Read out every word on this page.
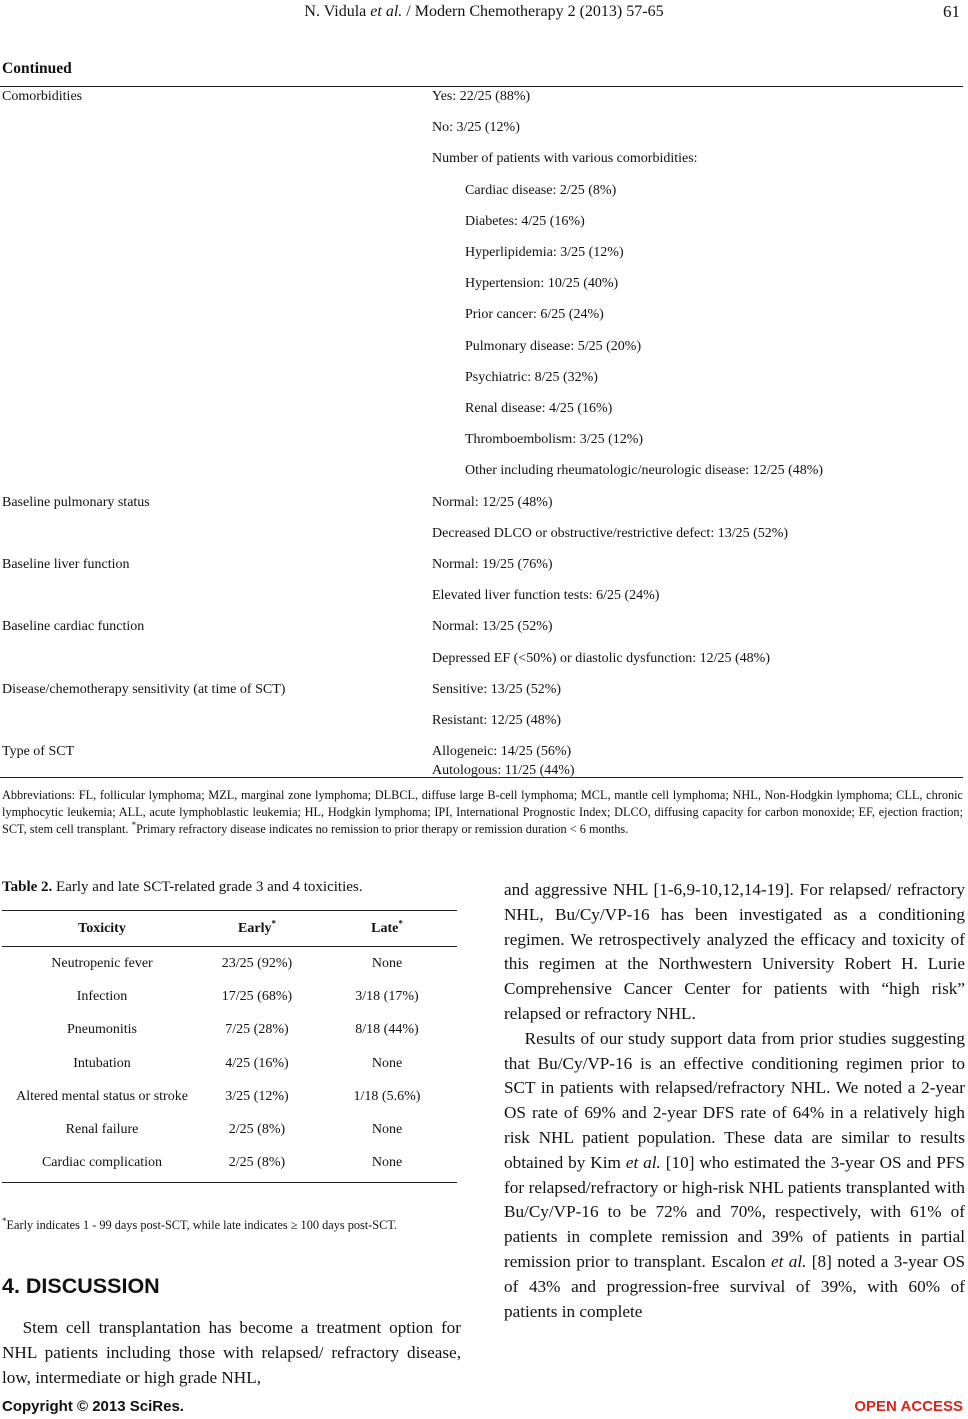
N. Vidula et al. / Modern Chemotherapy 2 (2013) 57-65	61
Continued
Comorbidities	Yes: 22/25 (88%)
No: 3/25 (12%)
Number of patients with various comorbidities:
Cardiac disease: 2/25 (8%)
Diabetes: 4/25 (16%)
Hyperlipidemia: 3/25 (12%)
Hypertension: 10/25 (40%)
Prior cancer: 6/25 (24%)
Pulmonary disease: 5/25 (20%)
Psychiatric: 8/25 (32%)
Renal disease: 4/25 (16%)
Thromboembolism: 3/25 (12%)
Other including rheumatologic/neurologic disease: 12/25 (48%)
Baseline pulmonary status	Normal: 12/25 (48%)
Decreased DLCO or obstructive/restrictive defect: 13/25 (52%)
Baseline liver function	Normal: 19/25 (76%)
Elevated liver function tests: 6/25 (24%)
Baseline cardiac function	Normal: 13/25 (52%)
Depressed EF (<50%) or diastolic dysfunction: 12/25 (48%)
Disease/chemotherapy sensitivity (at time of SCT)	Sensitive: 13/25 (52%)
Resistant: 12/25 (48%)
Type of SCT	Allogeneic: 14/25 (56%)
Autologous: 11/25 (44%)
Abbreviations: FL, follicular lymphoma; MZL, marginal zone lymphoma; DLBCL, diffuse large B-cell lymphoma; MCL, mantle cell lymphoma; NHL, Non-Hodgkin lymphoma; CLL, chronic lymphocytic leukemia; ALL, acute lymphoblastic leukemia; HL, Hodgkin lymphoma; IPI, International Prognostic Index; DLCO, diffusing capacity for carbon monoxide; EF, ejection fraction; SCT, stem cell transplant. *Primary refractory disease indicates no remission to prior therapy or remission duration < 6 months.
Table 2. Early and late SCT-related grade 3 and 4 toxicities.
Toxicity	Early*	Late*
Neutropenic fever	23/25 (92%)	None
Infection	17/25 (68%)	3/18 (17%)
Pneumonitis	7/25 (28%)	8/18 (44%)
Intubation	4/25 (16%)	None
Altered mental status or stroke	3/25 (12%)	1/18 (5.6%)
Renal failure	2/25 (8%)	None
Cardiac complication	2/25 (8%)	None
*Early indicates 1 - 99 days post-SCT, while late indicates ≥ 100 days post-SCT.
4. DISCUSSION
Stem cell transplantation has become a treatment option for NHL patients including those with relapsed/ refractory disease, low, intermediate or high grade NHL,

and aggressive NHL [1-6,9-10,12,14-19]. For relapsed/ refractory NHL, Bu/Cy/VP-16 has been investigated as a conditioning regimen. We retrospectively analyzed the efficacy and toxicity of this regimen at the Northwestern University Robert H. Lurie Comprehensive Cancer Center for patients with “high risk” relapsed or refractory NHL.

Results of our study support data from prior studies suggesting that Bu/Cy/VP-16 is an effective conditioning regimen prior to SCT in patients with relapsed/refractory NHL. We noted a 2-year OS rate of 69% and 2-year DFS rate of 64% in a relatively high risk NHL patient population. These data are similar to results obtained by Kim et al. [10] who estimated the 3-year OS and PFS for relapsed/refractory or high-risk NHL patients transplanted with Bu/Cy/VP-16 to be 72% and 70%, respectively, with 61% of patients in complete remission and 39% of patients in partial remission prior to transplant. Escalon et al. [8] noted a 3-year OS of 43% and progression-free survival of 39%, with 60% of patients in complete

Copyright © 2013 SciRes.	OPEN ACCESS
